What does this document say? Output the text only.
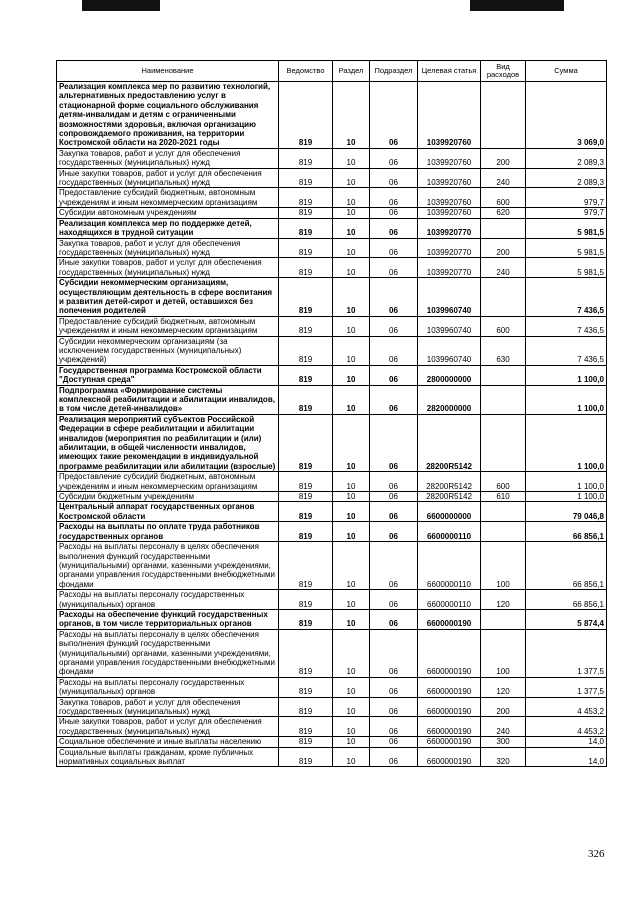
Наименование	Ведомство	Раздел	Подраздел	Целевая статья	Вид расходов	Сумма
Реализация комплекса мер по развитию технологий, альтернативных предоставлению услуг в стационарной форме социального обслуживания детям-инвалидам и детям с ограниченными возможностями здоровья, включая организацию сопровождаемого проживания, на территории Костромской области на 2020-2021 годы	819	10	06	1039920760		3 069,0
Закупка товаров, работ и услуг для обеспечения государственных (муниципальных) нужд	819	10	06	1039920760	200	2 089,3
Иные закупки товаров, работ и услуг для обеспечения государственных (муниципальных) нужд	819	10	06	1039920760	240	2 089,3
Предоставление субсидий бюджетным, автономным учреждениям и иным некоммерческим организациям	819	10	06	1039920760	600	979,7
Субсидии автономным учреждениям	819	10	06	1039920760	620	979,7
Реализация комплекса мер по поддержке детей, находящихся в трудной ситуации	819	10	06	1039920770		5 981,5
Закупка товаров, работ и услуг для обеспечения государственных (муниципальных) нужд	819	10	06	1039920770	200	5 981,5
Иные закупки товаров, работ и услуг для обеспечения государственных (муниципальных) нужд	819	10	06	1039920770	240	5 981,5
Субсидии некоммерческим организациям, осуществляющим деятельность в сфере воспитания и развития детей-сирот и детей, оставшихся без попечения родителей	819	10	06	1039960740		7 436,5
Предоставление субсидий бюджетным, автономным учреждениям и иным некоммерческим организациям	819	10	06	1039960740	600	7 436,5
Субсидии некоммерческим организациям (за исключением государственных (муниципальных) учреждений)	819	10	06	1039960740	630	7 436,5
Государственная программа Костромской области "Доступная среда"	819	10	06	2800000000		1 100,0
Подпрограмма «Формирование системы комплексной реабилитации и абилитации инвалидов, в том числе детей-инвалидов»	819	10	06	2820000000		1 100,0
Реализация мероприятий субъектов Российской Федерации в сфере реабилитации и абилитации инвалидов (мероприятия по реабилитации и (или) абилитации, в общей численности инвалидов, имеющих такие рекомендации в индивидуальной программе реабилитации или абилитации (взрослые)	819	10	06	28200R5142		1 100,0
Предоставление субсидий бюджетным, автономным учреждениям и иным некоммерческим организациям	819	10	06	28200R5142	600	1 100,0
Субсидии бюджетным учреждениям	819	10	06	28200R5142	610	1 100,0
Центральный аппарат государственных органов Костромской области	819	10	06	6600000000		79 046,8
Расходы на выплаты по оплате труда работников государственных органов	819	10	06	6600000110		66 856,1
Расходы на выплаты персоналу в целях обеспечения выполнения функций государственными (муниципальными) органами, казенными учреждениями, органами управления государственными внебюджетными фондами	819	10	06	6600000110	100	66 856,1
Расходы на выплаты персоналу государственных (муниципальных) органов	819	10	06	6600000110	120	66 856,1
Расходы на обеспечение функций государственных органов, в том числе территориальных органов	819	10	06	6600000190		5 874,4
Расходы на выплаты персоналу в целях обеспечения выполнения функций государственными (муниципальными) органами, казенными учреждениями, органами управления государственными внебюджетными фондами	819	10	06	6600000190	100	1 377,5
Расходы на выплаты персоналу государственных (муниципальных) органов	819	10	06	6600000190	120	1 377,5
Закупка товаров, работ и услуг для обеспечения государственных (муниципальных) нужд	819	10	06	6600000190	200	4 453,2
Иные закупки товаров, работ и услуг для обеспечения государственных (муниципальных) нужд	819	10	06	6600000190	240	4 453,2
Социальное обеспечение и иные выплаты населению	819	10	06	6600000190	300	14,0
Социальные выплаты гражданам, кроме публичных нормативных социальных выплат	819	10	06	6600000190	320	14,0
326
